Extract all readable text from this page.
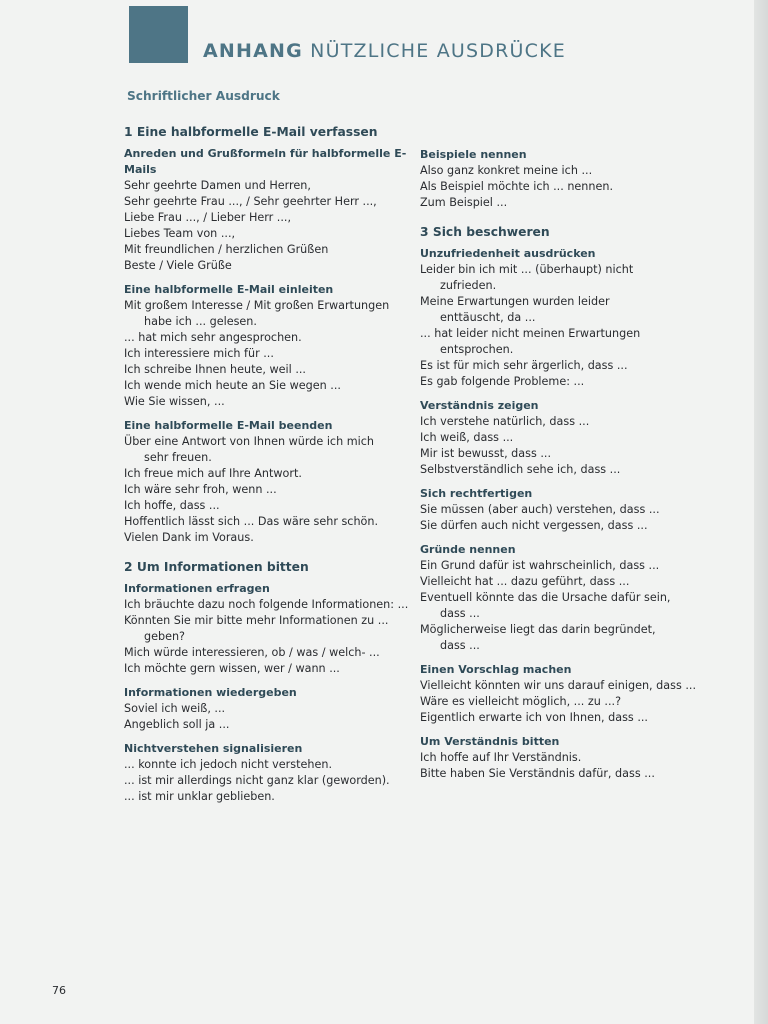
ANHANG NÜTZLICHE AUSDRÜCKE
Schriftlicher Ausdruck
1 Eine halbformelle E-Mail verfassen
Anreden und Grußformeln für halbformelle E-Mails
Sehr geehrte Damen und Herren,
Sehr geehrte Frau ..., / Sehr geehrter Herr ...,
Liebe Frau ..., / Lieber Herr ...,
Liebes Team von ...,
Mit freundlichen / herzlichen Grüßen
Beste / Viele Grüße
Eine halbformelle E-Mail einleiten
Mit großem Interesse / Mit großen Erwartungen
habe ich ... gelesen.
... hat mich sehr angesprochen.
Ich interessiere mich für ...
Ich schreibe Ihnen heute, weil ...
Ich wende mich heute an Sie wegen ...
Wie Sie wissen, ...
Eine halbformelle E-Mail beenden
Über eine Antwort von Ihnen würde ich mich
sehr freuen.
Ich freue mich auf Ihre Antwort.
Ich wäre sehr froh, wenn ...
Ich hoffe, dass ...
Hoffentlich lässt sich ... Das wäre sehr schön.
Vielen Dank im Voraus.
2 Um Informationen bitten
Informationen erfragen
Ich bräuchte dazu noch folgende Informationen: ...
Könnten Sie mir bitte mehr Informationen zu ...
geben?
Mich würde interessieren, ob / was / welch- ...
Ich möchte gern wissen, wer / wann ...
Informationen wiedergeben
Soviel ich weiß, ...
Angeblich soll ja ...
Nichtverstehen signalisieren
... konnte ich jedoch nicht verstehen.
... ist mir allerdings nicht ganz klar (geworden).
... ist mir unklar geblieben.
Beispiele nennen
Also ganz konkret meine ich ...
Als Beispiel möchte ich ... nennen.
Zum Beispiel ...
3 Sich beschweren
Unzufriedenheit ausdrücken
Leider bin ich mit ... (überhaupt) nicht
zufrieden.
Meine Erwartungen wurden leider
enttäuscht, da ...
... hat leider nicht meinen Erwartungen
entsprochen.
Es ist für mich sehr ärgerlich, dass ...
Es gab folgende Probleme: ...
Verständnis zeigen
Ich verstehe natürlich, dass ...
Ich weiß, dass ...
Mir ist bewusst, dass ...
Selbstverständlich sehe ich, dass ...
Sich rechtfertigen
Sie müssen (aber auch) verstehen, dass ...
Sie dürfen auch nicht vergessen, dass ...
Gründe nennen
Ein Grund dafür ist wahrscheinlich, dass ...
Vielleicht hat ... dazu geführt, dass ...
Eventuell könnte das die Ursache dafür sein,
dass ...
Möglicherweise liegt das darin begründet,
dass ...
Einen Vorschlag machen
Vielleicht könnten wir uns darauf einigen, dass ...
Wäre es vielleicht möglich, ... zu ...?
Eigentlich erwarte ich von Ihnen, dass ...
Um Verständnis bitten
Ich hoffe auf Ihr Verständnis.
Bitte haben Sie Verständnis dafür, dass ...
76
